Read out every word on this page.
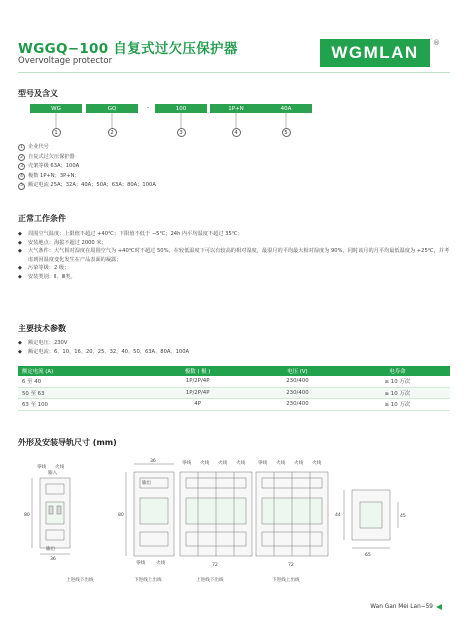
WGGQ−100 自复式过欠压保护器
Overvoltage protector	WGMLAN ®
型号及含义
WG	GQ	-	100	1P+N	40A
1	2	3	4	5
1 企业代号
2 自复式过欠压保护器
3 壳架等级 63A；100A
4 极数 1P+N；3P+N；
5 额定电流 25A；32A；40A；50A；63A；80A；100A
正常工作条件
◆ 周围空气温度：上限值不超过 +40℃；下限值不低于 −5℃；24h 内平均温度不超过 35℃；
◆ 安装地点：海拔不超过 2000 米；
◆ 大气条件：大气相对湿度在周围空气为 +40℃时不超过 50%，在较低温度下可以有较高的相对湿度，最湿月的平均最大相对湿度为 90%，同时该月的月平均最低温度为 +25℃，并考虑到因温度变化发生在产品表面的凝露；
◆ 污染等级：2 级；
◆ 安装类别：Ⅱ、Ⅲ类。
主要技术参数
◆ 额定电压：230V
◆ 额定电流：6、10、16、20、25、32、40、50、63A、80A、100A
额定电流 (A)	极数 ( 极 )	电压 (V)	电寿命
6 至 40	1P/2P/4P	230/400	≥ 10 万次
50 至 63	1P/2P/4P	230/400	≥ 10 万次
63 至 100	4P	230/400	≥ 10 万次
外形及安装导轨尺寸 (mm)
零线 火线
输入
80
36
输出
36
输出
80
零线 火线
零线 火线 火线 火线
72
零线 火线 火线 火线
72
44	45
65
上进线下出线	下进线上出线	上进线下出线	下进线上出线
Wan Gan Mei Lan−59
